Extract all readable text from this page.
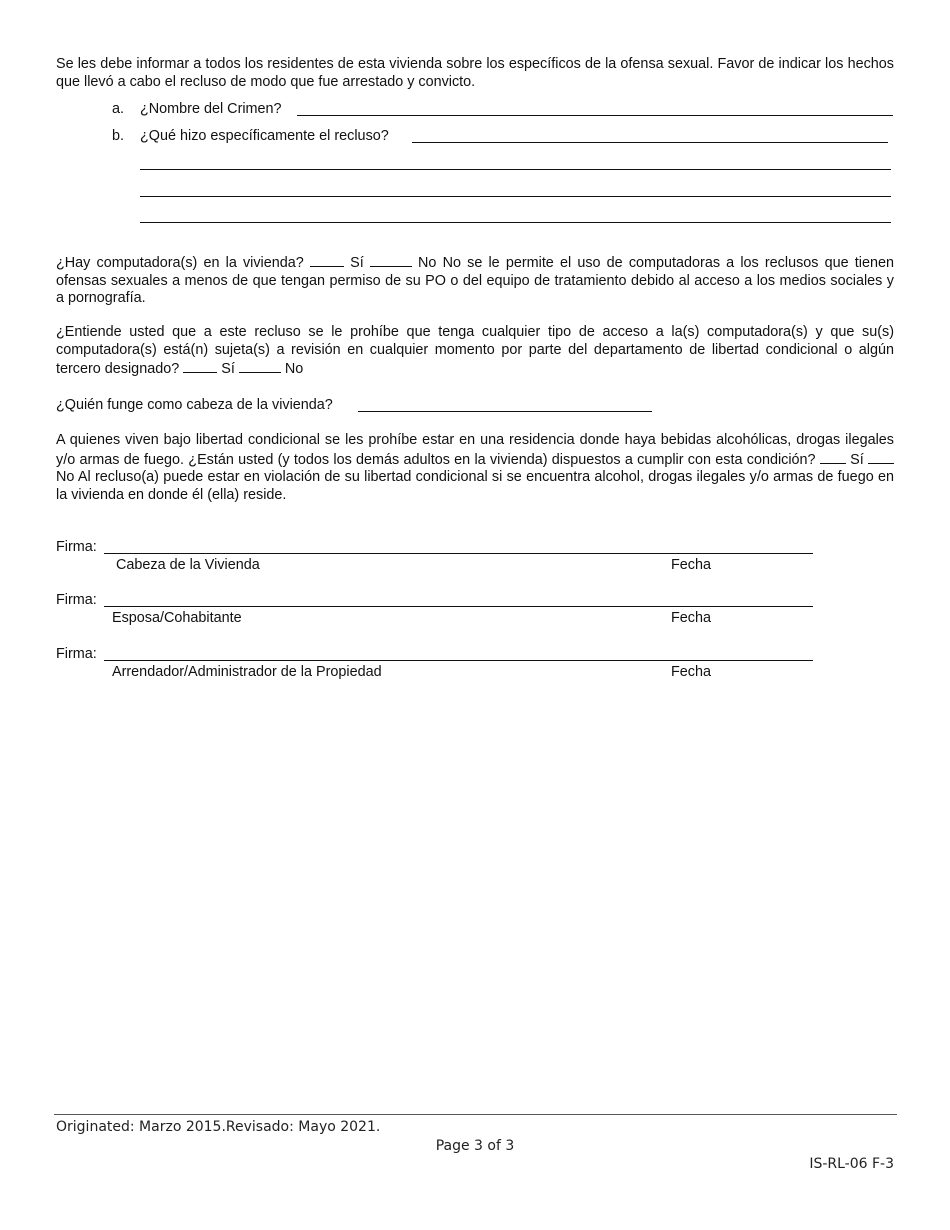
Se les debe informar a todos los residentes de esta vivienda sobre los específicos de la ofensa sexual. Favor de indicar los hechos que llevó a cabo el recluso de modo que fue arrestado y convicto.

a. ¿Nombre del Crimen?
b. ¿Qué hizo específicamente el recluso?

¿Hay computadora(s) en la vivienda?	Sí	No No se le permite el uso de computadoras a los reclusos que tienen ofensas sexuales a menos de que tengan permiso de su PO o del equipo de tratamiento debido al acceso a los medios sociales y a pornografía.

¿Entiende usted que a este recluso se le prohíbe que tenga cualquier tipo de acceso a la(s) computadora(s) y que su(s) computadora(s) está(n) sujeta(s) a revisión en cualquier momento por parte del departamento de libertad condicional o algún tercero designado?	Sí	No

¿Quién funge como cabeza de la vivienda?

A quienes viven bajo libertad condicional se les prohíbe estar en una residencia donde haya bebidas alcohólicas, drogas ilegales y/o armas de fuego. ¿Están usted (y todos los demás adultos en la vivienda) dispuestos a cumplir con esta condición? Sí  No Al recluso(a) puede estar en violación de su libertad condicional si se encuentra alcohol, drogas ilegales y/o armas de fuego en la vivienda en donde él (ella) reside.

Firma:
Cabeza de la Vivienda	Fecha
Firma:
Esposa/Cohabitante	Fecha
Firma:
Arrendador/Administrador de la Propiedad	Fecha
Originated: Marzo 2015.Revisado: Mayo 2021.
Page 3 of 3
IS-RL-06 F-3
